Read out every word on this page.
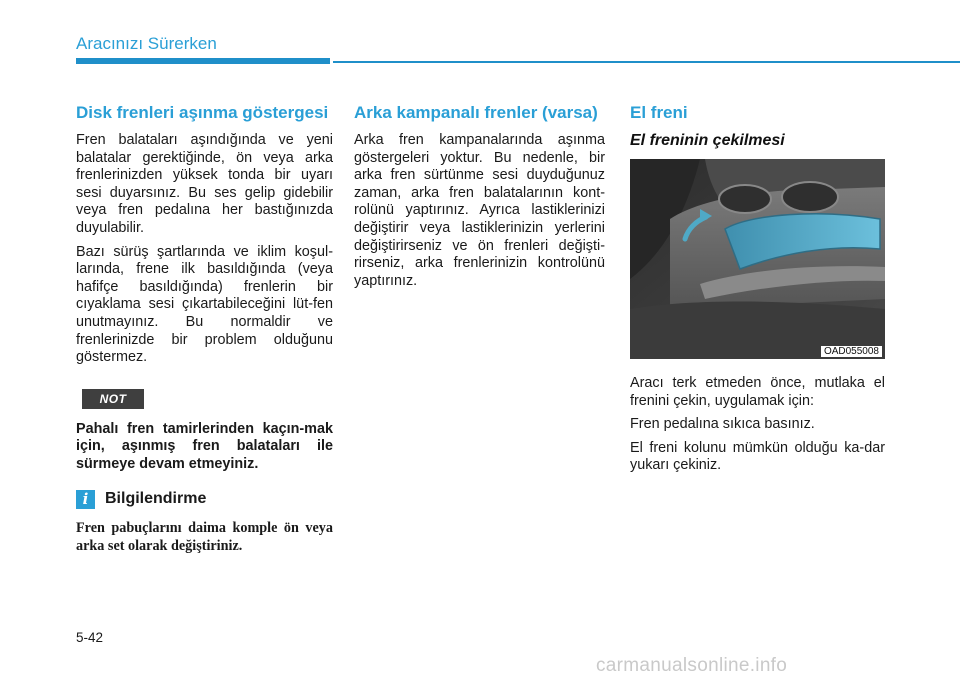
Aracınızı Sürerken
Disk frenleri aşınma göstergesi

Fren balataları aşındığında ve yeni balatalar gerektiğinde, ön veya arka frenlerinizden yüksek tonda bir uyarı sesi duyarsınız. Bu ses gelip gidebilir veya fren pedalına her bastığınızda duyulabilir.

Bazı sürüş şartlarında ve iklim koşul-larında, frene ilk basıldığında (veya hafifçe basıldığında) frenlerin bir cıyaklama sesi çıkartabileceğini lüt-fen unutmayınız. Bu normaldir ve frenlerinizde bir problem olduğunu göstermez.

NOT

Pahalı fren tamirlerinden kaçın-mak için, aşınmış fren balataları ile sürmeye devam etmeyiniz.

i	Bilgilendirme

Fren pabuçlarını daima komple ön veya arka set olarak değiştiriniz.

Arka kampanalı frenler (varsa)

Arka fren kampanalarında aşınma göstergeleri yoktur. Bu nedenle, bir arka fren sürtünme sesi duyduğunuz zaman, arka fren balatalarının kont-rolünü yaptırınız. Ayrıca lastiklerinizi değiştirir veya lastiklerinizin yerlerini değiştirirseniz ve ön frenleri değişti-rirseniz, arka frenlerinizin kontrolünü yaptırınız.

El freni
El freninin çekilmesi
OAD055008

Aracı terk etmeden önce, mutlaka el frenini çekin, uygulamak için:

Fren pedalına sıkıca basınız.

El freni kolunu mümkün olduğu ka-dar yukarı çekiniz.

5-42
carmanualsonline.info
